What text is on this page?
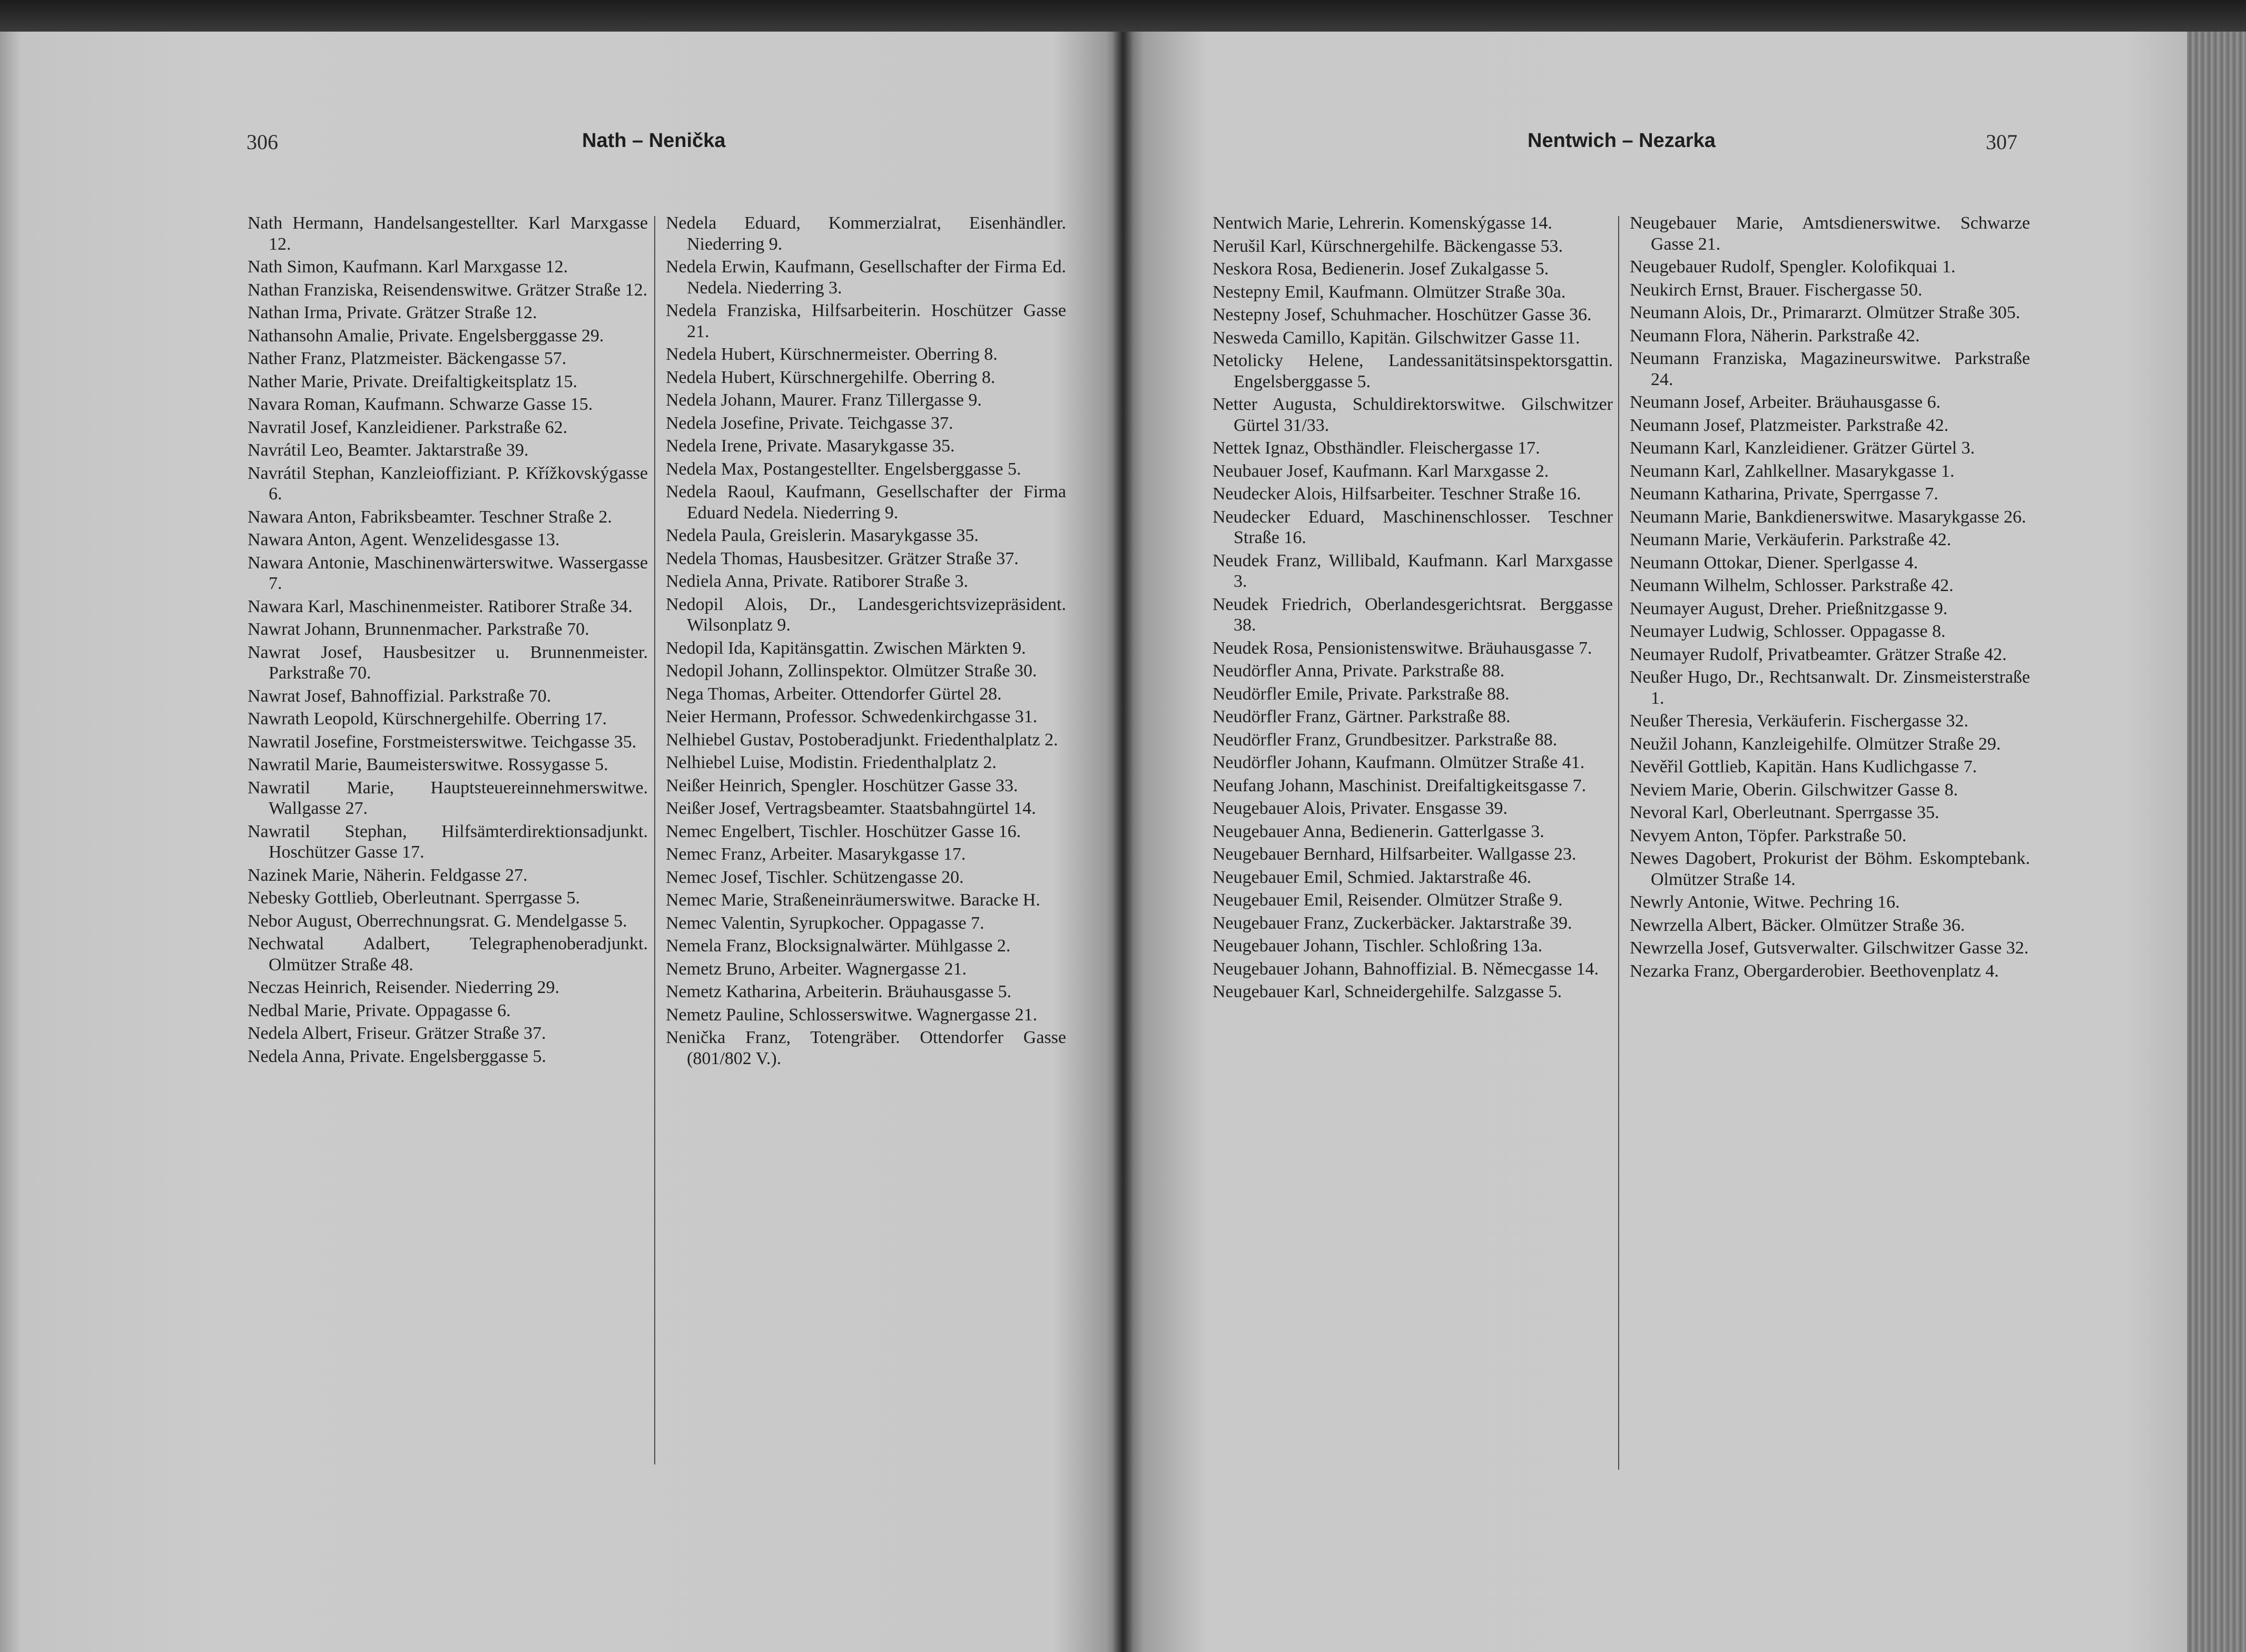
306	Nath – Nenička
Nath Hermann, Handelsangestellter. Karl Marxgasse 12.
Nath Simon, Kaufmann. Karl Marxgasse 12.
Nathan Franziska, Reisendenswitwe. Grätzer Straße 12.
Nathan Irma, Private. Grätzer Straße 12.
Nathansohn Amalie, Private. Engelsberggasse 29.
Nather Franz, Platzmeister. Bäckengasse 57.
Nather Marie, Private. Dreifaltigkeitsplatz 15.
Navara Roman, Kaufmann. Schwarze Gasse 15.
Navratil Josef, Kanzleidiener. Parkstraße 62.
Navrátil Leo, Beamter. Jaktarstraße 39.
Navrátil Stephan, Kanzleioffiziant. P. Křížkovskýgasse 6.
Nawara Anton, Fabriksbeamter. Teschner Straße 2.
Nawara Anton, Agent. Wenzelidesgasse 13.
Nawara Antonie, Maschinenwärterswitwe. Wassergasse 7.
Nawara Karl, Maschinenmeister. Ratiborer Straße 34.
Nawrat Johann, Brunnenmacher. Parkstraße 70.
Nawrat Josef, Hausbesitzer u. Brunnenmeister. Parkstraße 70.
Nawrat Josef, Bahnoffizial. Parkstraße 70.
Nawrath Leopold, Kürschnergehilfe. Oberring 17.
Nawratil Josefine, Forstmeisterswitwe. Teichgasse 35.
Nawratil Marie, Baumeisterswitwe. Rossygasse 5.
Nawratil Marie, Hauptsteuereinnehmerswitwe. Wallgasse 27.
Nawratil Stephan, Hilfsämterdirektionsadjunkt. Hoschützer Gasse 17.
Nazinek Marie, Näherin. Feldgasse 27.
Nebesky Gottlieb, Oberleutnant. Sperrgasse 5.
Nebor August, Oberrechnungsrat. G. Mendelgasse 5.
Nechwatal Adalbert, Telegraphenoberadjunkt. Olmützer Straße 48.
Neczas Heinrich, Reisender. Niederring 29.
Nedbal Marie, Private. Oppagasse 6.
Nedela Albert, Friseur. Grätzer Straße 37.
Nedela Anna, Private. Engelsberggasse 5.
Nedela Eduard, Kommerzialrat, Eisenhändler. Niederring 9.
Nedela Erwin, Kaufmann, Gesellschafter der Firma Ed. Nedela. Niederring 3.
Nedela Franziska, Hilfsarbeiterin. Hoschützer Gasse 21.
Nedela Hubert, Kürschnermeister. Oberring 8.
Nedela Hubert, Kürschnergehilfe. Oberring 8.
Nedela Johann, Maurer. Franz Tillergasse 9.
Nedela Josefine, Private. Teichgasse 37.
Nedela Irene, Private. Masarykgasse 35.
Nedela Max, Postangestellter. Engelsberggasse 5.
Nedela Raoul, Kaufmann, Gesellschafter der Firma Eduard Nedela. Niederring 9.
Nedela Paula, Greislerin. Masarykgasse 35.
Nedela Thomas, Hausbesitzer. Grätzer Straße 37.
Nediela Anna, Private. Ratiborer Straße 3.
Nedopil Alois, Dr., Landesgerichtsvizepräsident. Wilsonplatz 9.
Nedopil Ida, Kapitänsgattin. Zwischen Märkten 9.
Nedopil Johann, Zollinspektor. Olmützer Straße 30.
Nega Thomas, Arbeiter. Ottendorfer Gürtel 28.
Neier Hermann, Professor. Schwedenkirchgasse 31.
Nelhiebel Gustav, Postoberadjunkt. Friedenthalplatz 2.
Nelhiebel Luise, Modistin. Friedenthalplatz 2.
Neißer Heinrich, Spengler. Hoschützer Gasse 33.
Neißer Josef, Vertragsbeamter. Staatsbahngürtel 14.
Nemec Engelbert, Tischler. Hoschützer Gasse 16.
Nemec Franz, Arbeiter. Masarykgasse 17.
Nemec Josef, Tischler. Schützengasse 20.
Nemec Marie, Straßeneinräumerswitwe. Baracke H.
Nemec Valentin, Syrupkocher. Oppagasse 7.
Nemela Franz, Blocksignalwärter. Mühlgasse 2.
Nemetz Bruno, Arbeiter. Wagnergasse 21.
Nemetz Katharina, Arbeiterin. Bräuhausgasse 5.
Nemetz Pauline, Schlosserswitwe. Wagnergasse 21.
Nenička Franz, Totengräber. Ottendorfer Gasse (801/802 V.).
307
Nentwich – Nezarka
Nentwich Marie, Lehrerin. Komenskýgasse 14.
Nerušil Karl, Kürschnergehilfe. Bäckengasse 53.
Neskora Rosa, Bedienerin. Josef Zukalgasse 5.
Nestepny Emil, Kaufmann. Olmützer Straße 30a.
Nestepny Josef, Schuhmacher. Hoschützer Gasse 36.
Nesweda Camillo, Kapitän. Gilschwitzer Gasse 11.
Netolicky Helene, Landessanitätsinspektorsgattin. Engelsberggasse 5.
Netter Augusta, Schuldirektorswitwe. Gilschwitzer Gürtel 31/33.
Nettek Ignaz, Obsthändler. Fleischergasse 17.
Neubauer Josef, Kaufmann. Karl Marxgasse 2.
Neudecker Alois, Hilfsarbeiter. Teschner Straße 16.
Neudecker Eduard, Maschinenschlosser. Teschner Straße 16.
Neudek Franz, Willibald, Kaufmann. Karl Marxgasse 3.
Neudek Friedrich, Oberlandesgerichtsrat. Berggasse 38.
Neudek Rosa, Pensionistenswitwe. Bräuhausgasse 7.
Neudörfler Anna, Private. Parkstraße 88.
Neudörfler Emile, Private. Parkstraße 88.
Neudörfler Franz, Gärtner. Parkstraße 88.
Neudörfler Franz, Grundbesitzer. Parkstraße 88.
Neudörfler Johann, Kaufmann. Olmützer Straße 41.
Neufang Johann, Maschinist. Dreifaltigkeitsgasse 7.
Neugebauer Alois, Privater. Ensgasse 39.
Neugebauer Anna, Bedienerin. Gatterlgasse 3.
Neugebauer Bernhard, Hilfsarbeiter. Wallgasse 23.
Neugebauer Emil, Schmied. Jaktarstraße 46.
Neugebauer Emil, Reisender. Olmützer Straße 9.
Neugebauer Franz, Zuckerbäcker. Jaktarstraße 39.
Neugebauer Johann, Tischler. Schloßring 13a.
Neugebauer Johann, Bahnoffizial. B. Němecgasse 14.
Neugebauer Karl, Schneidergehilfe. Salzgasse 5.
Neugebauer Marie, Amtsdienerswitwe. Schwarze Gasse 21.
Neugebauer Rudolf, Spengler. Kolofikquai 1.
Neukirch Ernst, Brauer. Fischergasse 50.
Neumann Alois, Dr., Primararzt. Olmützer Straße 305.
Neumann Flora, Näherin. Parkstraße 42.
Neumann Franziska, Magazineurswitwe. Parkstraße 24.
Neumann Josef, Arbeiter. Bräuhausgasse 6.
Neumann Josef, Platzmeister. Parkstraße 42.
Neumann Karl, Kanzleidiener. Grätzer Gürtel 3.
Neumann Karl, Zahlkellner. Masarykgasse 1.
Neumann Katharina, Private, Sperrgasse 7.
Neumann Marie, Bankdienerswitwe. Masarykgasse 26.
Neumann Marie, Verkäuferin. Parkstraße 42.
Neumann Ottokar, Diener. Sperlgasse 4.
Neumann Wilhelm, Schlosser. Parkstraße 42.
Neumayer August, Dreher. Prießnitzgasse 9.
Neumayer Ludwig, Schlosser. Oppagasse 8.
Neumayer Rudolf, Privatbeamter. Grätzer Straße 42.
Neußer Hugo, Dr., Rechtsanwalt. Dr. Zinsmeisterstraße 1.
Neußer Theresia, Verkäuferin. Fischergasse 32.
Neužil Johann, Kanzleigehilfe. Olmützer Straße 29.
Nevěřil Gottlieb, Kapitän. Hans Kudlichgasse 7.
Neviem Marie, Oberin. Gilschwitzer Gasse 8.
Nevoral Karl, Oberleutnant. Sperrgasse 35.
Nevyem Anton, Töpfer. Parkstraße 50.
Newes Dagobert, Prokurist der Böhm. Eskomptebank. Olmützer Straße 14.
Newrly Antonie, Witwe. Pechring 16.
Newrzella Albert, Bäcker. Olmützer Straße 36.
Newrzella Josef, Gutsverwalter. Gilschwitzer Gasse 32.
Nezarka Franz, Obergarderobier. Beethovenplatz 4.
